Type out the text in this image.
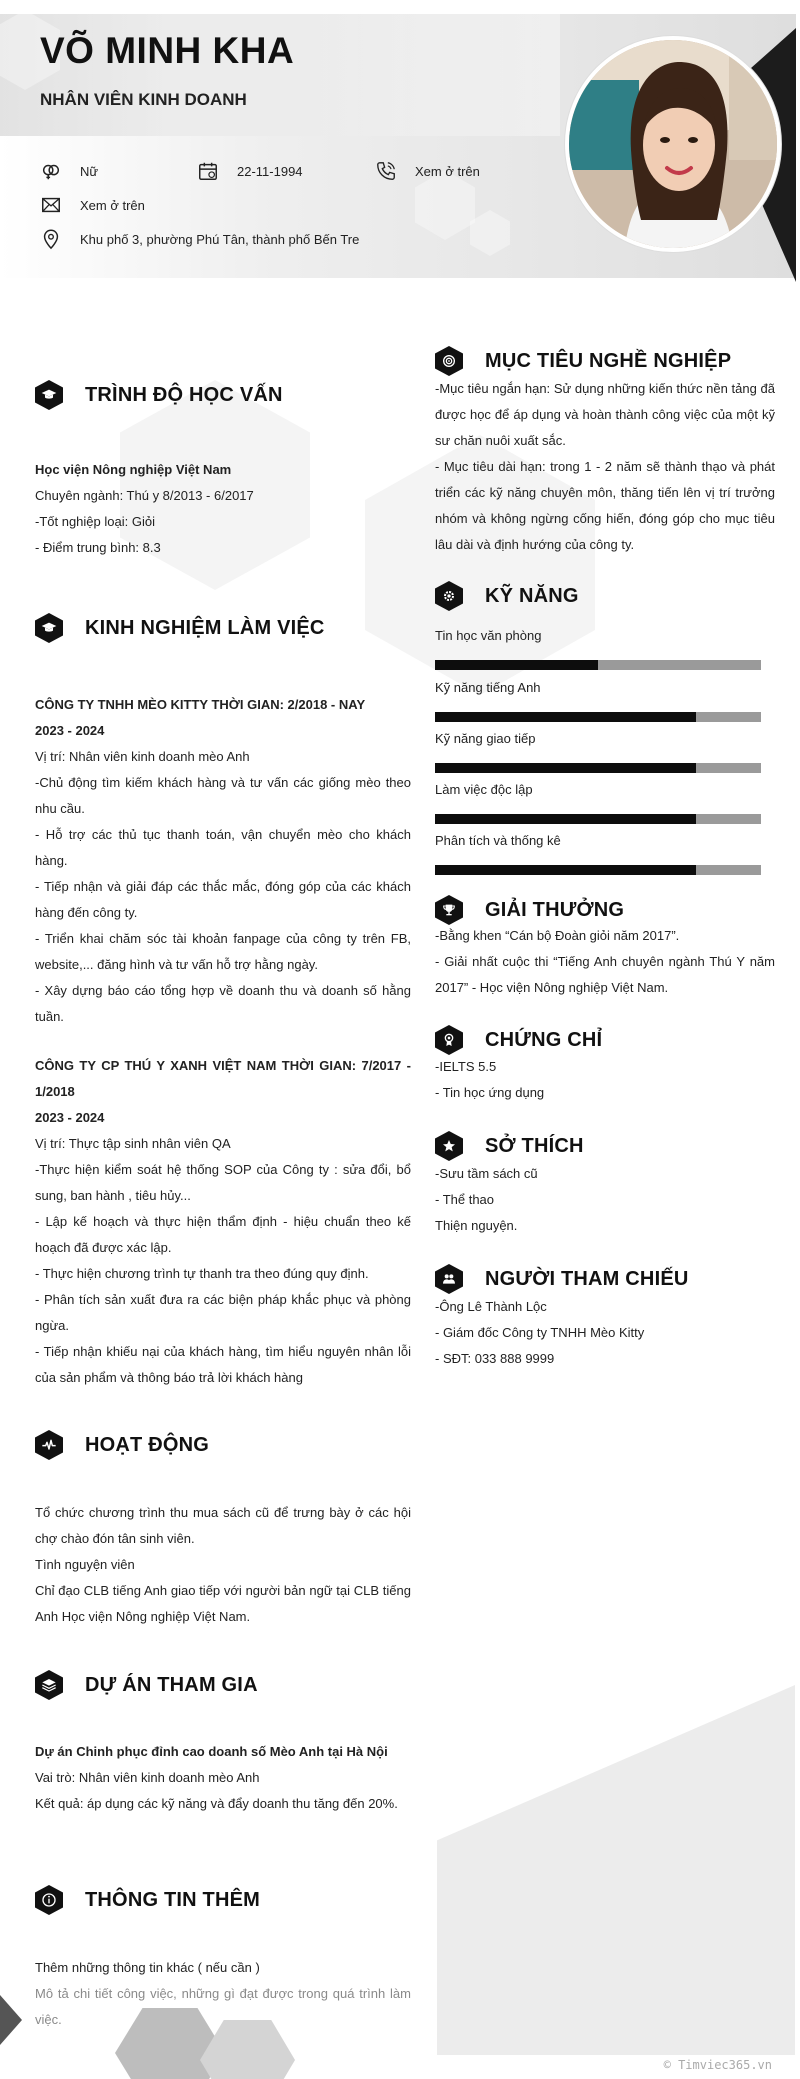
VÕ MINH KHA
NHÂN VIÊN KINH DOANH
Nữ	22-11-1994	Xem ở trên
Xem ở trên
Khu phố 3, phường Phú Tân, thành phố Bến Tre
TRÌNH ĐỘ HỌC VẤN

Học viện Nông nghiệp Việt Nam

Chuyên ngành: Thú y 8/2013 - 6/2017

-Tốt nghiệp loại: Giỏi

- Điểm trung bình: 8.3

KINH NGHIỆM LÀM VIỆC

CÔNG TY TNHH MÈO KITTY THỜI GIAN: 2/2018 - NAY

2023 - 2024

Vị trí: Nhân viên kinh doanh mèo Anh

-Chủ động tìm kiếm khách hàng và tư vấn các giống mèo theo nhu cầu.

- Hỗ trợ các thủ tục thanh toán, vận chuyển mèo cho khách hàng.

- Tiếp nhận và giải đáp các thắc mắc, đóng góp của các khách hàng đến công ty.

- Triển khai chăm sóc tài khoản fanpage của công ty trên FB, website,... đăng hình và tư vấn hỗ trợ hằng ngày.

- Xây dựng báo cáo tổng hợp về doanh thu và doanh số hằng tuần.

CÔNG TY CP THÚ Y XANH VIỆT NAM THỜI GIAN: 7/2017 - 1/2018

2023 - 2024

Vị trí: Thực tập sinh nhân viên QA

-Thực hiện kiểm soát hệ thống SOP của Công ty : sửa đổi, bổ sung, ban hành , tiêu hủy...

- Lập kế hoạch và thực hiện thẩm định - hiệu chuẩn theo kế hoạch đã được xác lập.

- Thực hiện chương trình tự thanh tra theo đúng quy định.

- Phân tích sản xuất đưa ra các biện pháp khắc phục và phòng ngừa.

- Tiếp nhận khiếu nại của khách hàng, tìm hiểu nguyên nhân lỗi của sản phẩm và thông báo trả lời khách hàng

HOẠT ĐỘNG

Tổ chức chương trình thu mua sách cũ để trưng bày ở các hội chợ chào đón tân sinh viên.

Tình nguyện viên

Chỉ đạo CLB tiếng Anh giao tiếp với người bản ngữ tại CLB tiếng Anh Học viện Nông nghiệp Việt Nam.

DỰ ÁN THAM GIA

Dự án Chinh phục đỉnh cao doanh số Mèo Anh tại Hà Nội

Vai trò: Nhân viên kinh doanh mèo Anh

Kết quả: áp dụng các kỹ năng và đẩy doanh thu tăng đến 20%.

THÔNG TIN THÊM

Thêm những thông tin khác ( nếu cần )

Mô tả chi tiết công việc, những gì đạt được trong quá trình làm việc.

MỤC TIÊU NGHỀ NGHIỆP

-Mục tiêu ngắn hạn: Sử dụng những kiến thức nền tảng đã được học để áp dụng và hoàn thành công việc của một kỹ sư chăn nuôi xuất sắc.

- Mục tiêu dài hạn: trong 1 - 2 năm sẽ thành thạo và phát triển các kỹ năng chuyên môn, thăng tiến lên vị trí trưởng nhóm và không ngừng cống hiến, đóng góp cho mục tiêu lâu dài và định hướng của công ty.

KỸ NĂNG
Tin học văn phòng
Kỹ năng tiếng Anh
Kỹ năng giao tiếp
Làm việc độc lập
Phân tích và thống kê
GIẢI THƯỞNG

-Bằng khen “Cán bộ Đoàn giỏi năm 2017”.

- Giải nhất cuộc thi “Tiếng Anh chuyên ngành Thú Y năm 2017” - Học viện Nông nghiệp Việt Nam.

CHỨNG CHỈ

-IELTS 5.5

- Tin học ứng dụng

SỞ THÍCH

-Sưu tầm sách cũ

- Thể thao

Thiện nguyện.

NGƯỜI THAM CHIẾU

-Ông Lê Thành Lộc

- Giám đốc Công ty TNHH Mèo Kitty

- SĐT: 033 888 9999

© Timviec365.vn
